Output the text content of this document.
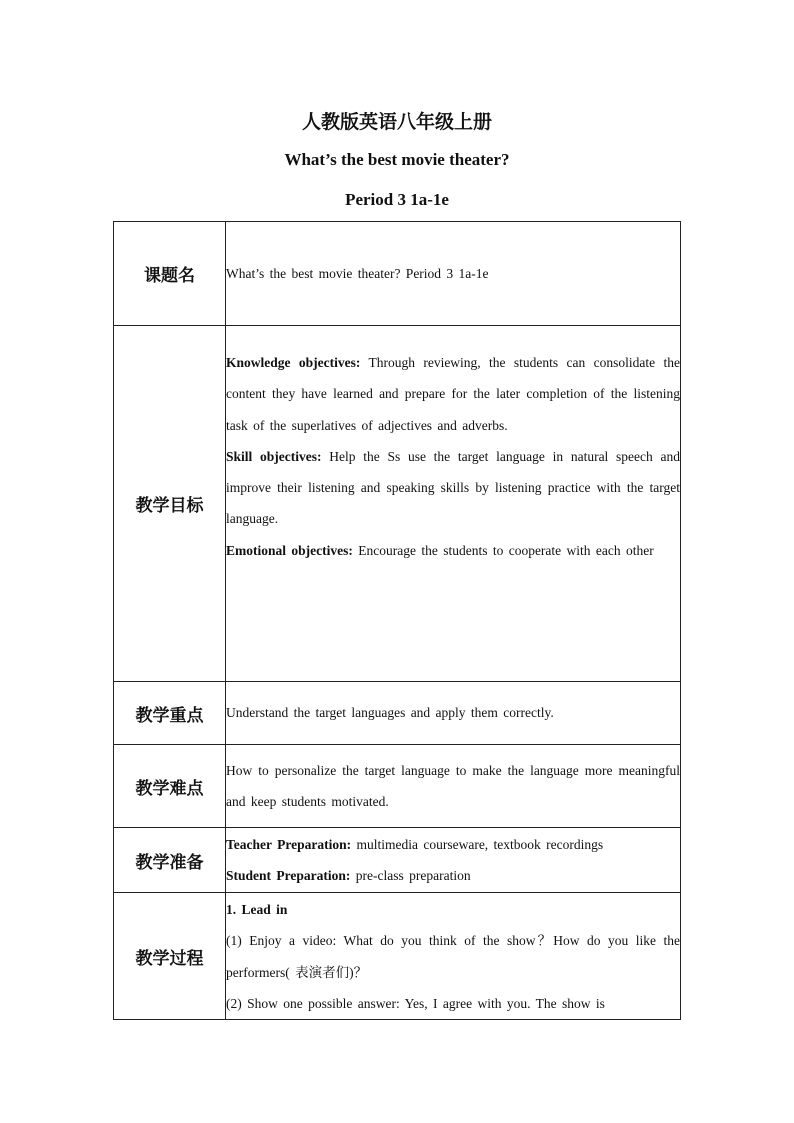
人教版英语八年级上册
What’s the best movie theater?
Period 3 1a-1e
课题名	What’s the best movie theater? Period 3 1a-1e
教学目标	Knowledge objectives: Through reviewing, the students can consolidate the content they have learned and prepare for the later completion of the listening task of the superlatives of adjectives and adverbs.
Skill objectives: Help the Ss use the target language in natural speech and improve their listening and speaking skills by listening practice with the target language.
Emotional objectives: Encourage the students to cooperate with each other

教学重点	Understand the target languages and apply them correctly.
教学难点	How to personalize the target language to make the language more meaningful and keep students motivated.
教学准备	Teacher Preparation: multimedia courseware, textbook recordings
Student Preparation: pre-class preparation

教学过程	1. Lead in
(1) Enjoy a video: What do you think of the show？How do you like the performers( 表演者们)？
(2) Show one possible answer: Yes, I agree with you. The show is
